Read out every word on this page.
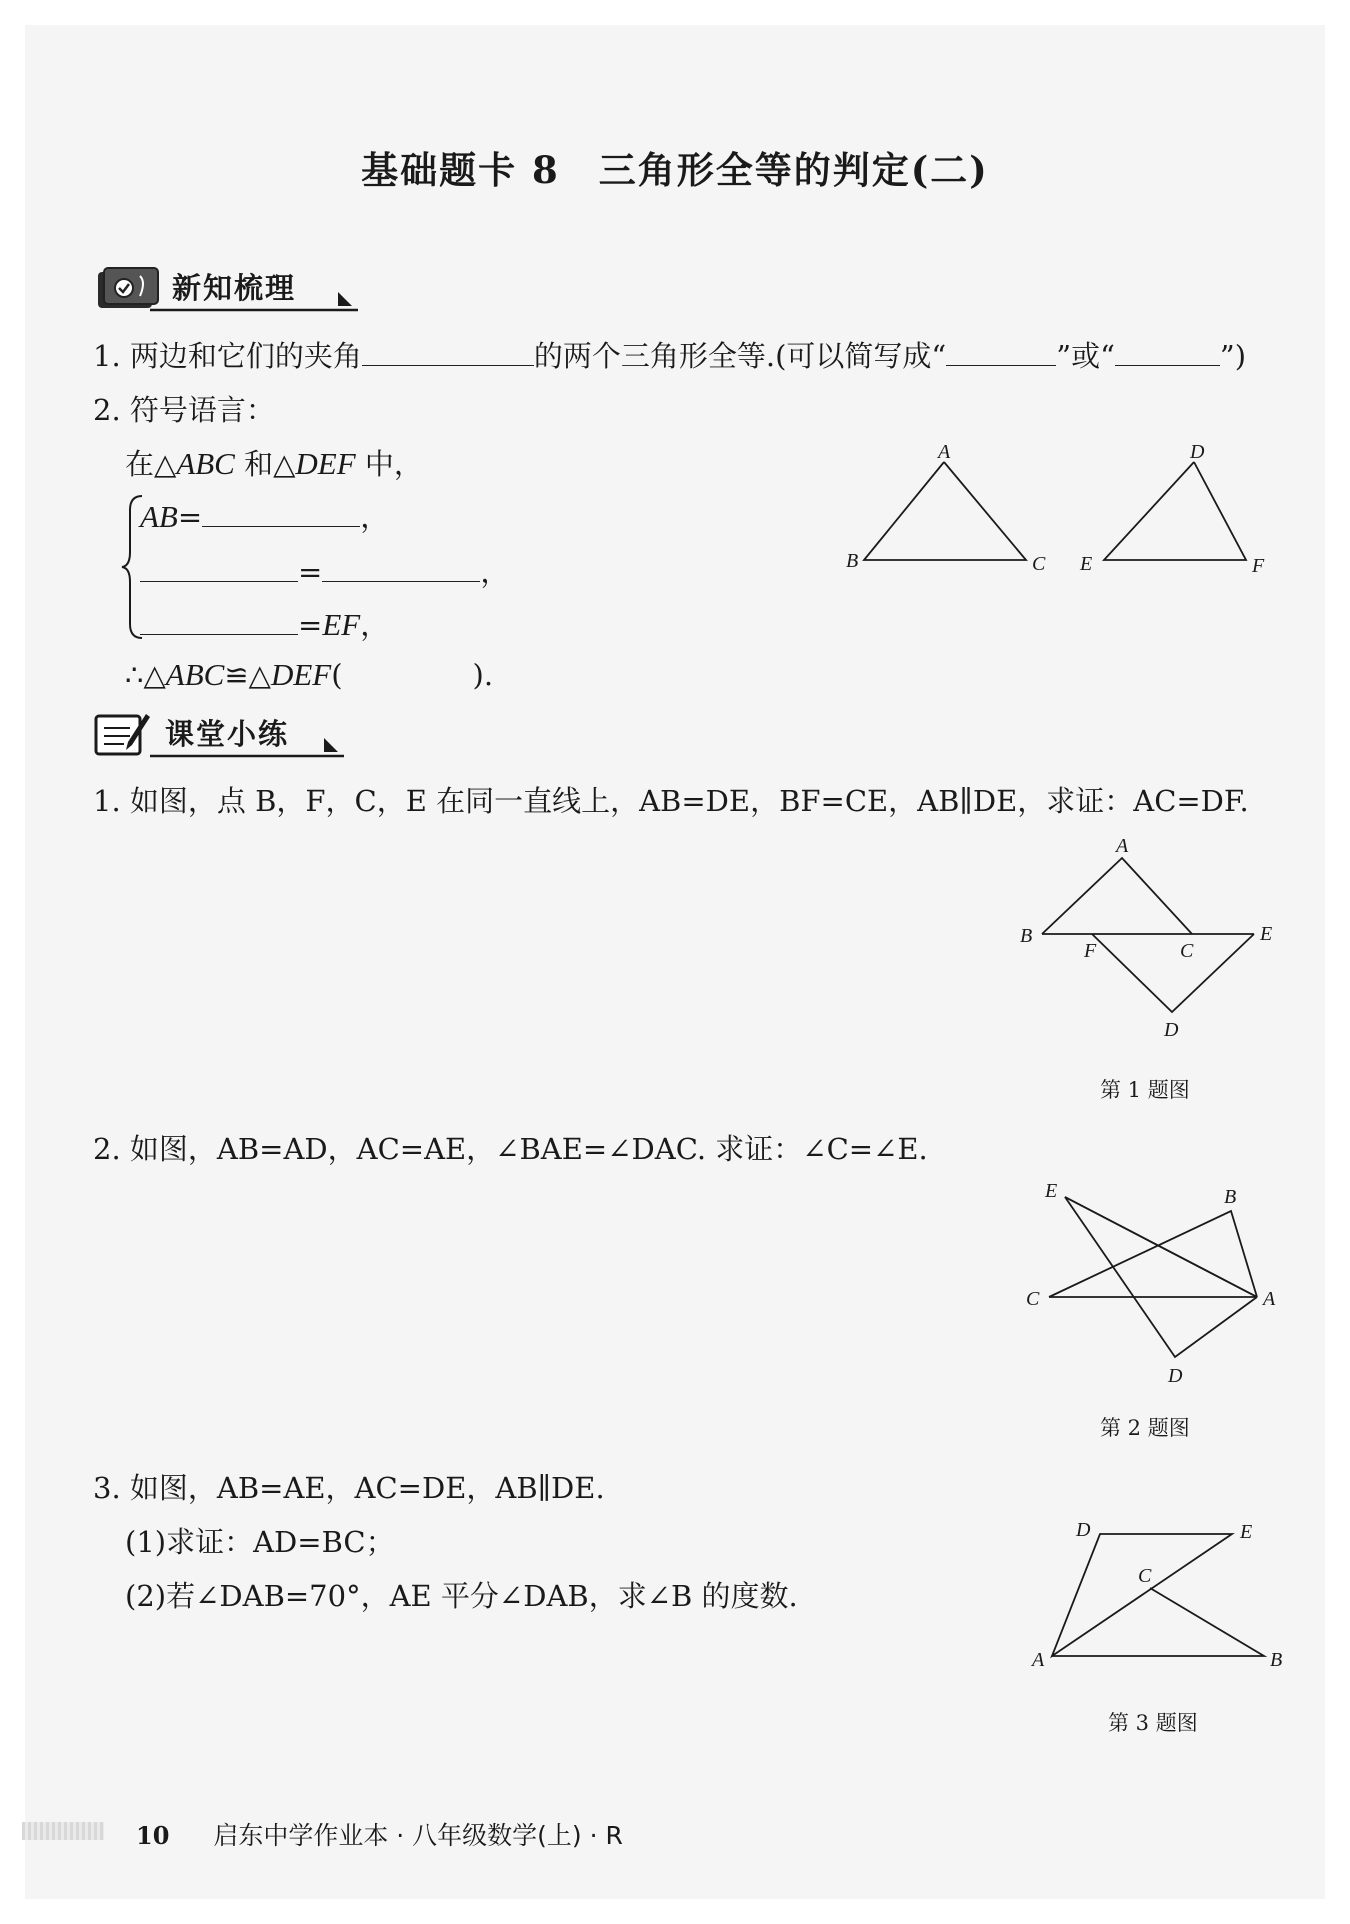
基础题卡 8　三角形全等的判定(二)
新知梳理
1. 两边和它们的夹角	的两个三角形全等.(可以简写成“	”或“	”)
2. 符号语言：
在△ABC 和△DEF 中，
AB=	，
=	，
=EF，
∴△ABC≌△DEF(	).
A
B	C
D
E	F
课堂小练
1. 如图，点 B，F，C，E 在同一直线上，AB=DE，BF=CE，AB∥DE，求证：AC=DF.
A
B
F	C
E
D
第 1 题图
2. 如图，AB=AD，AC=AE，∠BAE=∠DAC. 求证：∠C=∠E.
E	B
C	A
D
第 2 题图
3. 如图，AB=AE，AC=DE，AB∥DE.
(1)求证：AD=BC；
(2)若∠DAB=70°，AE 平分∠DAB，求∠B 的度数.
D	E
C
A	B
第 3 题图
10 启东中学作业本 · 八年级数学(上) · R
